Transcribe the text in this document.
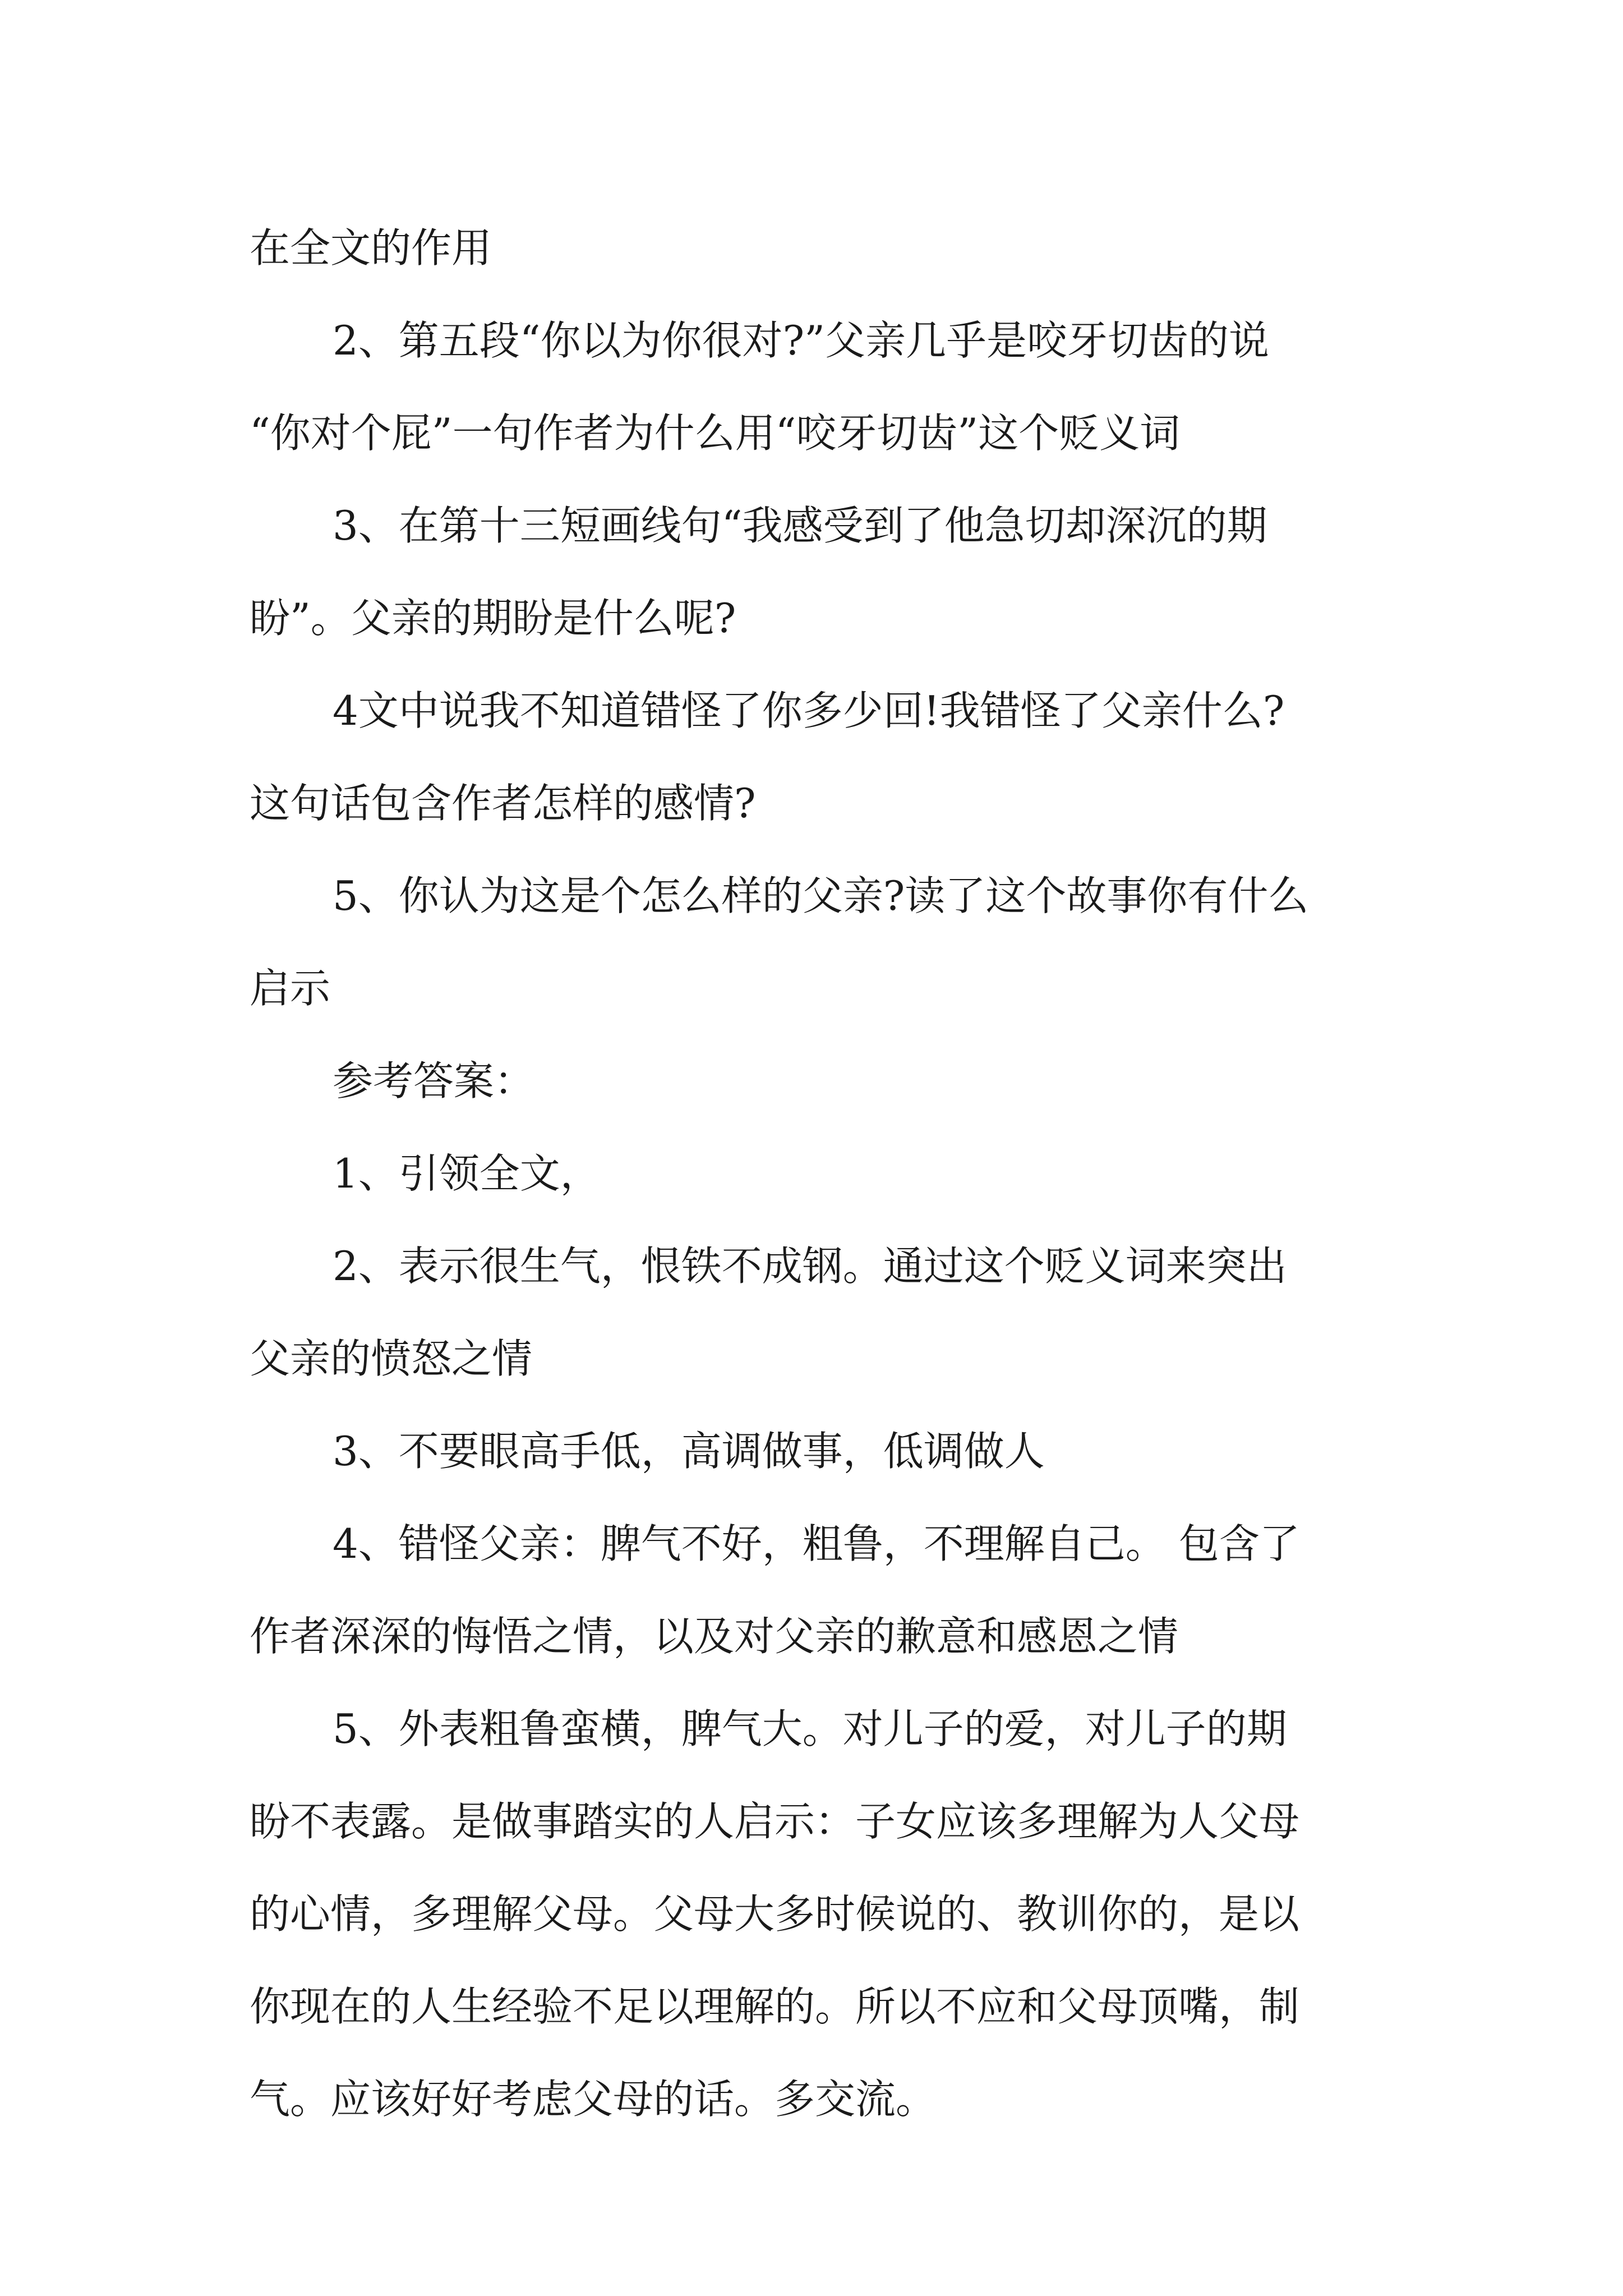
在全文的作用
2、第五段“你以为你很对?”父亲几乎是咬牙切齿的说
“你对个屁”一句作者为什么用“咬牙切齿”这个贬义词
3、在第十三短画线句“我感受到了他急切却深沉的期
盼”。父亲的期盼是什么呢?
4文中说我不知道错怪了你多少回!我错怪了父亲什么?
这句话包含作者怎样的感情?
5、你认为这是个怎么样的父亲?读了这个故事你有什么
启示
参考答案：
1、引领全文，
2、表示很生气，恨铁不成钢。通过这个贬义词来突出
父亲的愤怒之情
3、不要眼高手低，高调做事，低调做人
4、错怪父亲：脾气不好，粗鲁，不理解自己。 包含了
作者深深的悔悟之情，以及对父亲的歉意和感恩之情
5、外表粗鲁蛮横，脾气大。对儿子的爱，对儿子的期
盼不表露。是做事踏实的人启示：子女应该多理解为人父母
的心情，多理解父母。父母大多时候说的、教训你的，是以
你现在的人生经验不足以理解的。所以不应和父母顶嘴，制
气。应该好好考虑父母的话。多交流。
